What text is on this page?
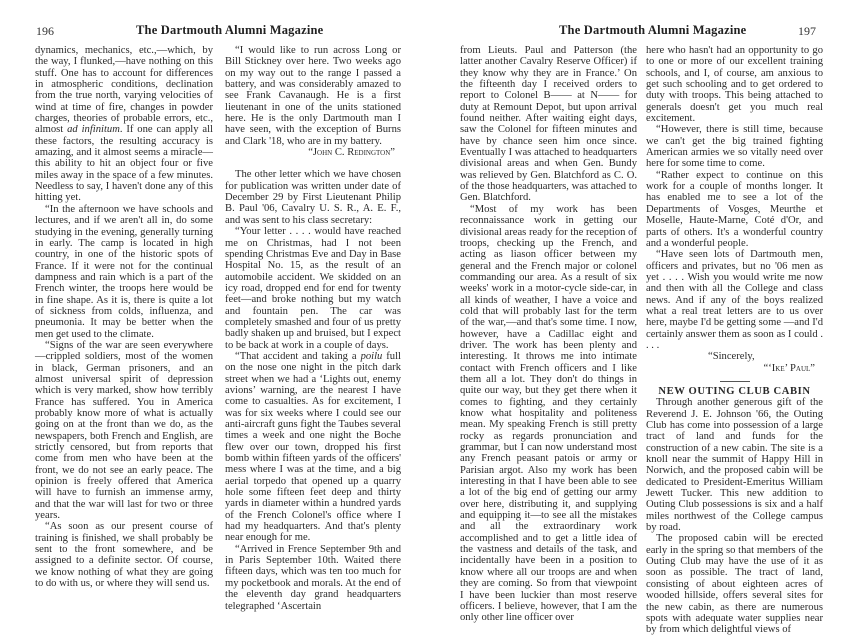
196	The Dartmouth Alumni Magazine

dynamics, mechanics, etc.,—which, by the way, I flunked,—have nothing on this stuff. One has to account for differences in atmospheric conditions, declination from the true north, varying velocities of wind at time of fire, changes in powder charges, theories of probable errors, etc., almost ad infinitum. If one can apply all these factors, the resulting accuracy is amazing, and it almost seems a miracle—this ability to hit an object four or five miles away in the space of a few minutes. Needless to say, I haven't done any of this hitting yet.

“In the afternoon we have schools and lectures, and if we aren't all in, do some studying in the evening, generally turning in early. The camp is located in high country, in one of the historic spots of France. If it were not for the continual dampness and rain which is a part of the French winter, the troops here would be in fine shape. As it is, there is quite a lot of sickness from colds, influenza, and pneumonia. It may be better when the men get used to the climate.

“Signs of the war are seen everywhere—crippled soldiers, most of the women in black, German prisoners, and an almost universal spirit of depression which is very marked, show how terribly France has suffered. You in America probably know more of what is actually going on at the front than we do, as the newspapers, both French and English, are strictly censored, but from reports that come from men who have been at the front, we do not see an early peace. The opinion is freely offered that America will have to furnish an immense army, and that the war will last for two or three years.

“As soon as our present course of training is finished, we shall probably be sent to the front somewhere, and be assigned to a definite sector. Of course, we know nothing of what they are going to do with us, or where they will send us.

“I would like to run across Long or Bill Stickney over here. Two weeks ago on my way out to the range I passed a battery, and was considerably amazed to see Frank Cavanaugh. He is a first lieutenant in one of the units stationed here. He is the only Dartmouth man I have seen, with the exception of Burns and Clark '18, who are in my battery.

“John C. Redington”

The other letter which we have chosen for publication was written under date of December 29 by First Lieutenant Philip B. Paul '06, Cavalry U. S. R., A. E. F., and was sent to his class secretary:

“Your letter . . . . would have reached me on Christmas, had I not been spending Christmas Eve and Day in Base Hospital No. 15, as the result of an automobile accident. We skidded on an icy road, dropped end for end for twenty feet—and broke nothing but my watch and fountain pen. The car was completely smashed and four of us pretty badly shaken up and bruised, but I expect to be back at work in a couple of days.

“That accident and taking a poilu full on the nose one night in the pitch dark street when we had a ‘Lights out, enemy avions’ warning, are the nearest I have come to casualties. As for excitement, I was for six weeks where I could see our anti-aircraft guns fight the Taubes several times a week and one night the Boche flew over our town, dropped his first bomb within fifteen yards of the officers' mess where I was at the time, and a big aerial torpedo that opened up a quarry hole some fifteen feet deep and thirty yards in diameter within a hundred yards of the French Colonel's office where I had my headquarters. And that's plenty near enough for me.

“Arrived in Frence September 9th and in Paris September 10th. Waited there fifteen days, which was ten too much for my pocketbook and morals. At the end of the eleventh day grand headquarters telegraphed ‘Ascertain

The Dartmouth Alumni Magazine	197

from Lieuts. Paul and Patterson (the latter another Cavalry Reserve Officer) if they know why they are in France.’ On the fifteenth day I received orders to report to Colonel B—— at N—— for duty at Remount Depot, but upon arrival found neither. After waiting eight days, saw the Colonel for fifteen minutes and have by chance seen him once since. Eventually I was attached to headquarters divisional areas and when Gen. Bundy was relieved by Gen. Blatchford as C. O. of the those headquarters, was attached to Gen. Blatchford.

“Most of my work has been reconnaissance work in getting our divisional areas ready for the reception of troops, checking up the French, and acting as liason officer between my general and the French major or colonel commanding our area. As a result of six weeks' work in a motor-cycle side-car, in all kinds of weather, I have a voice and cold that will probably last for the term of the war,—and that's some time. I now, however, have a Cadillac eight and driver. The work has been plenty and interesting. It throws me into intimate contact with French officers and I like them all a lot. They don't do things in quite our way, but they get there when it comes to fighting, and they certainly know what hospitality and politeness mean. My speaking French is still pretty rocky as regards pronunciation and grammar, but I can now understand most any French peasant patois or army or Parisian argot. Also my work has been interesting in that I have been able to see a lot of the big end of getting our army over here, distributing it, and supplying and equipping it—to see all the mistakes and all the extraordinary work accomplished and to get a little idea of the vastness and details of the task, and incidentally have been in a position to know where all our troops are and when they are coming. So from that viewpoint I have been luckier than most reserve officers. I believe, however, that I am the only other line officer over

here who hasn't had an opportunity to go to one or more of our excellent training schools, and I, of course, am anxious to get such schooling and to get ordered to duty with troops. This being attached to generals doesn't get you much real excitement.

“However, there is still time, because we can't get the big trained fighting American armies we so vitally need over here for some time to come.

“Rather expect to continue on this work for a couple of months longer. It has enabled me to see a lot of the Departments of Vosges, Meurthe et Moselle, Haute-Marne, Coté d'Or, and parts of others. It's a wonderful country and a wonderful people.

“Have seen lots of Dartmouth men, officers and privates, but no '06 men as yet . . . . Wish you would write me now and then with all the College and class news. And if any of the boys realized what a real treat letters are to us over here, maybe I'd be getting some —and I'd certainly answer them as soon as I could . . . .

“Sincerely,

“‘Ike’ Paul”

NEW OUTING CLUB CABIN

Through another generous gift of the Reverend J. E. Johnson '66, the Outing Club has come into possession of a large tract of land and funds for the construction of a new cabin. The site is a knoll near the summit of Happy Hill in Norwich, and the proposed cabin will be dedicated to President-Emeritus William Jewett Tucker. This new addition to Outing Club possessions is six and a half miles northwest of the College campus by road.

The proposed cabin will be erected early in the spring so that members of the Outing Club may have the use of it as soon as possible. The tract of land, consisting of about eighteen acres of wooded hillside, offers several sites for the new cabin, as there are numerous spots with adequate water supplies near by from which delightful views of
